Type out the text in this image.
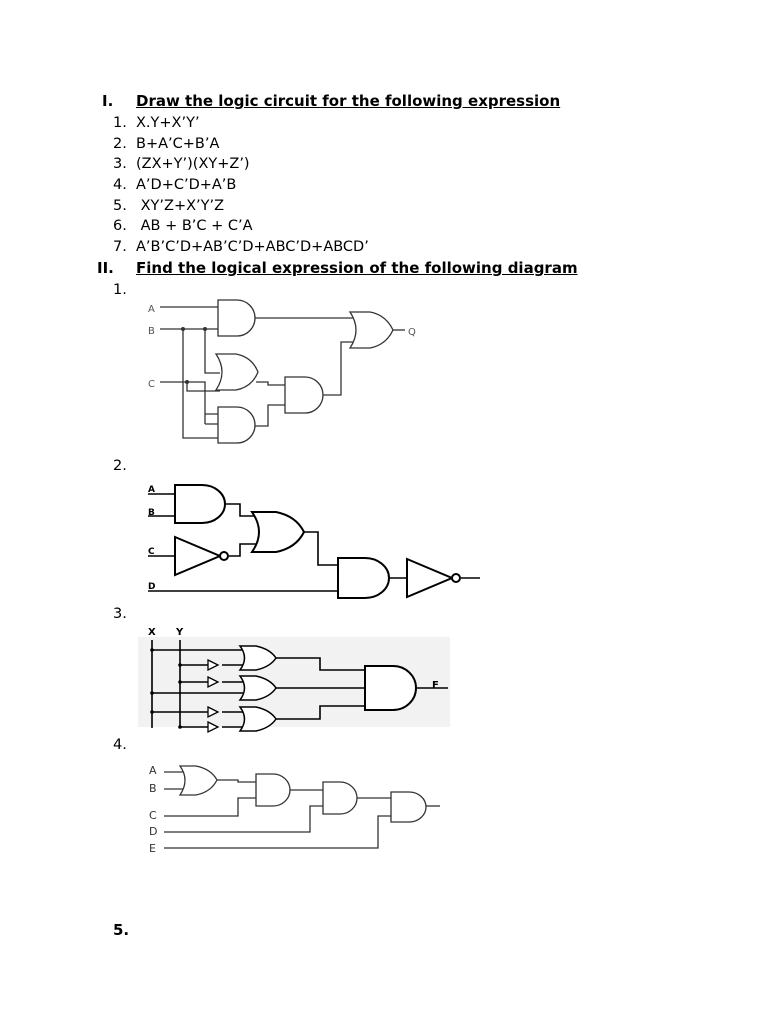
I. Draw the logic circuit for the following expression
1. X.Y+X’Y’
2. B+A’C+B’A
3. (ZX+Y’)(XY+Z’)
4. A’D+C’D+A’B
5. XY’Z+X’Y’Z
6. AB + B’C + C’A
7. A’B’C’D+AB’C’D+ABC’D+ABCD’
II. Find the logical expression of the following diagram
1.
2.
3.
4.
5.
A
B
C
Q
A
B
C
D
X Y
F
A
B
C
D
E
